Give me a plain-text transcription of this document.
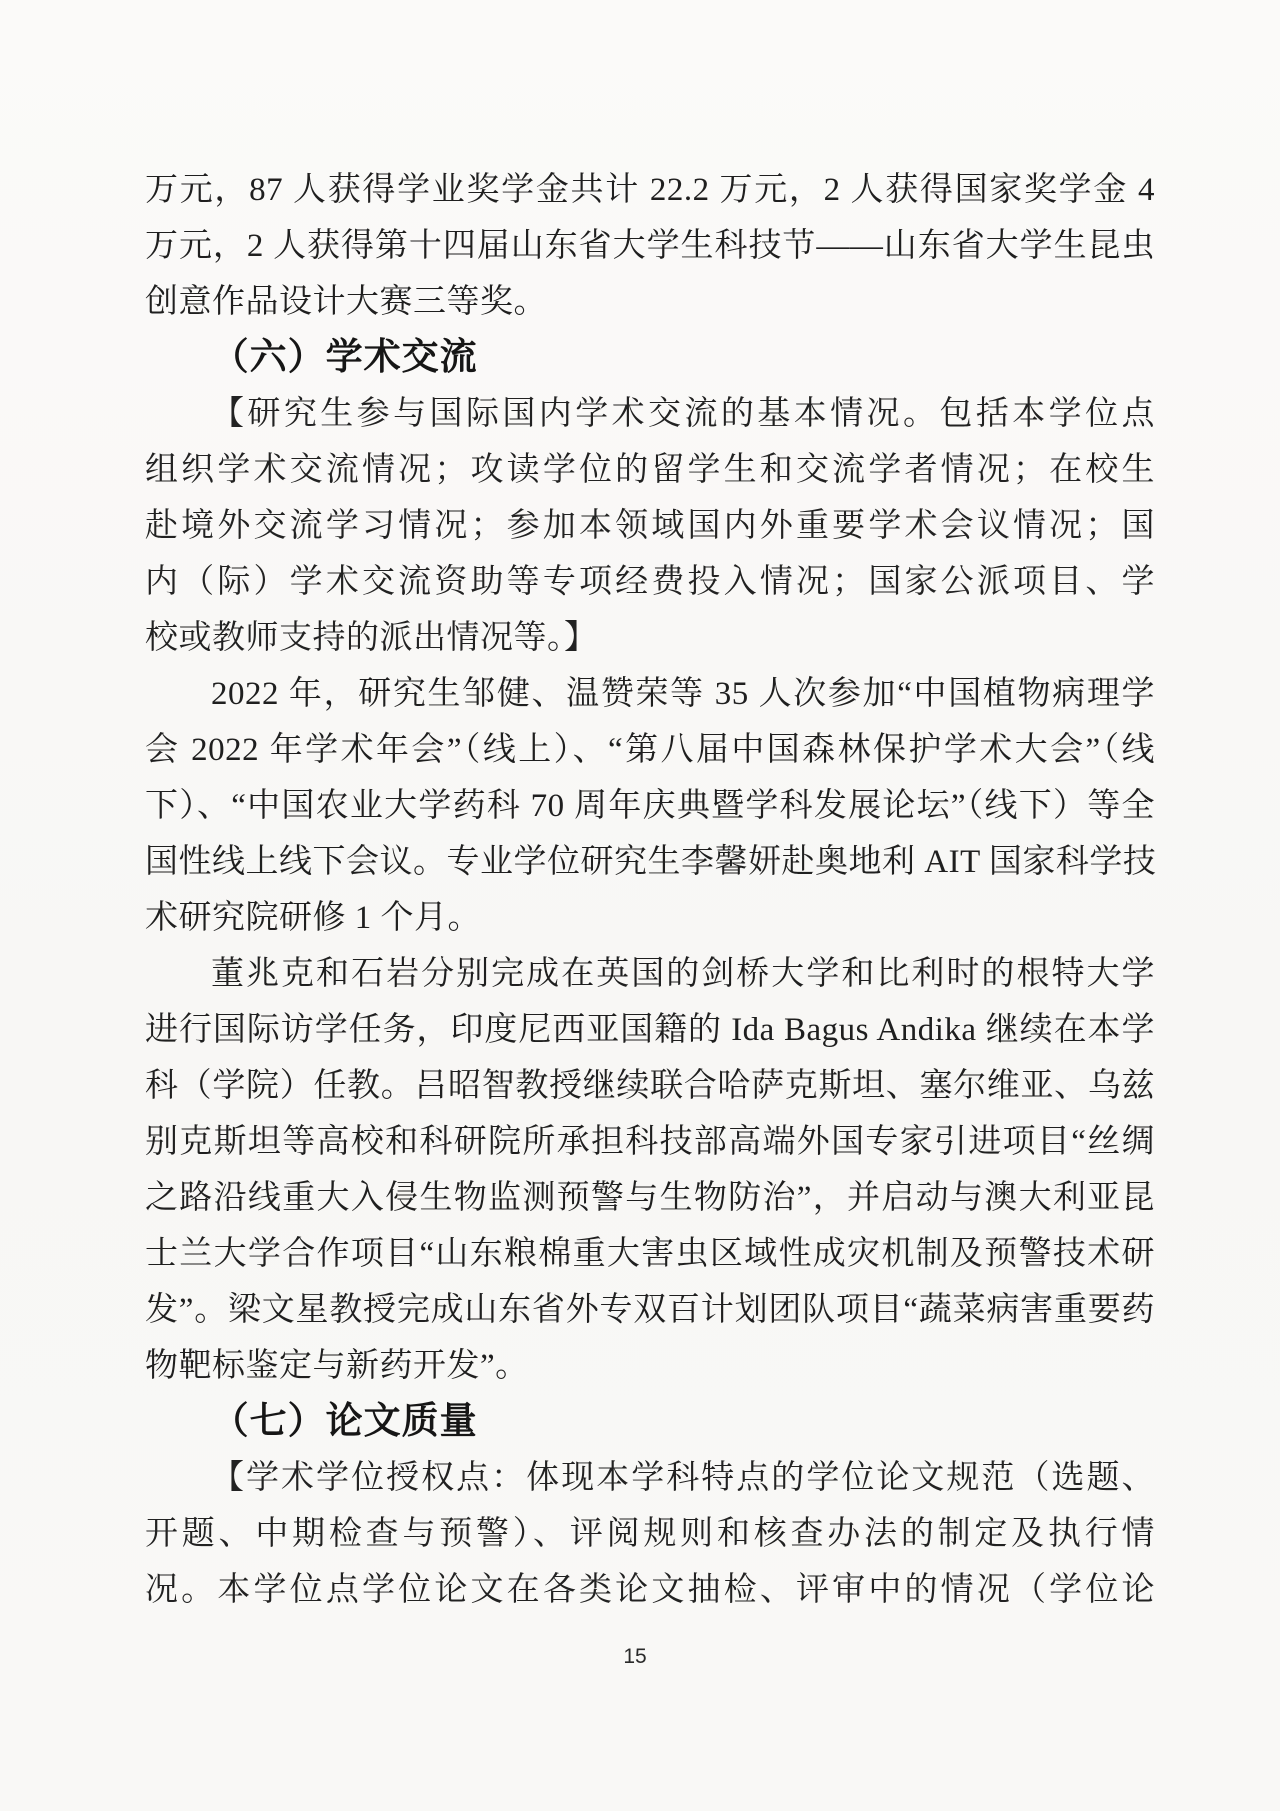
万元，87 人获得学业奖学金共计 22.2 万元，2 人获得国家奖学金 4
万元，2 人获得第十四届山东省大学生科技节——山东省大学生昆虫
创意作品设计大赛三等奖。
（六）学术交流
【研究生参与国际国内学术交流的基本情况。包括本学位点
组织学术交流情况；攻读学位的留学生和交流学者情况；在校生
赴境外交流学习情况；参加本领域国内外重要学术会议情况；国
内（际）学术交流资助等专项经费投入情况；国家公派项目、学
校或教师支持的派出情况等。】
2022 年，研究生邹健、温赞荣等 35 人次参加“中国植物病理学
会 2022 年学术年会”（线上）、“第八届中国森林保护学术大会”（线
下）、“中国农业大学药科 70 周年庆典暨学科发展论坛”（线下）等全
国性线上线下会议。专业学位研究生李馨妍赴奥地利 AIT 国家科学技
术研究院研修 1 个月。
董兆克和石岩分别完成在英国的剑桥大学和比利时的根特大学
进行国际访学任务，印度尼西亚国籍的 Ida Bagus Andika 继续在本学
科（学院）任教。吕昭智教授继续联合哈萨克斯坦、塞尔维亚、乌兹
别克斯坦等高校和科研院所承担科技部高端外国专家引进项目“丝绸
之路沿线重大入侵生物监测预警与生物防治”，并启动与澳大利亚昆
士兰大学合作项目“山东粮棉重大害虫区域性成灾机制及预警技术研
发”。梁文星教授完成山东省外专双百计划团队项目“蔬菜病害重要药
物靶标鉴定与新药开发”。
（七）论文质量
【学术学位授权点：体现本学科特点的学位论文规范（选题、
开题、中期检查与预警）、评阅规则和核查办法的制定及执行情
况。本学位点学位论文在各类论文抽检、评审中的情况（学位论
15
